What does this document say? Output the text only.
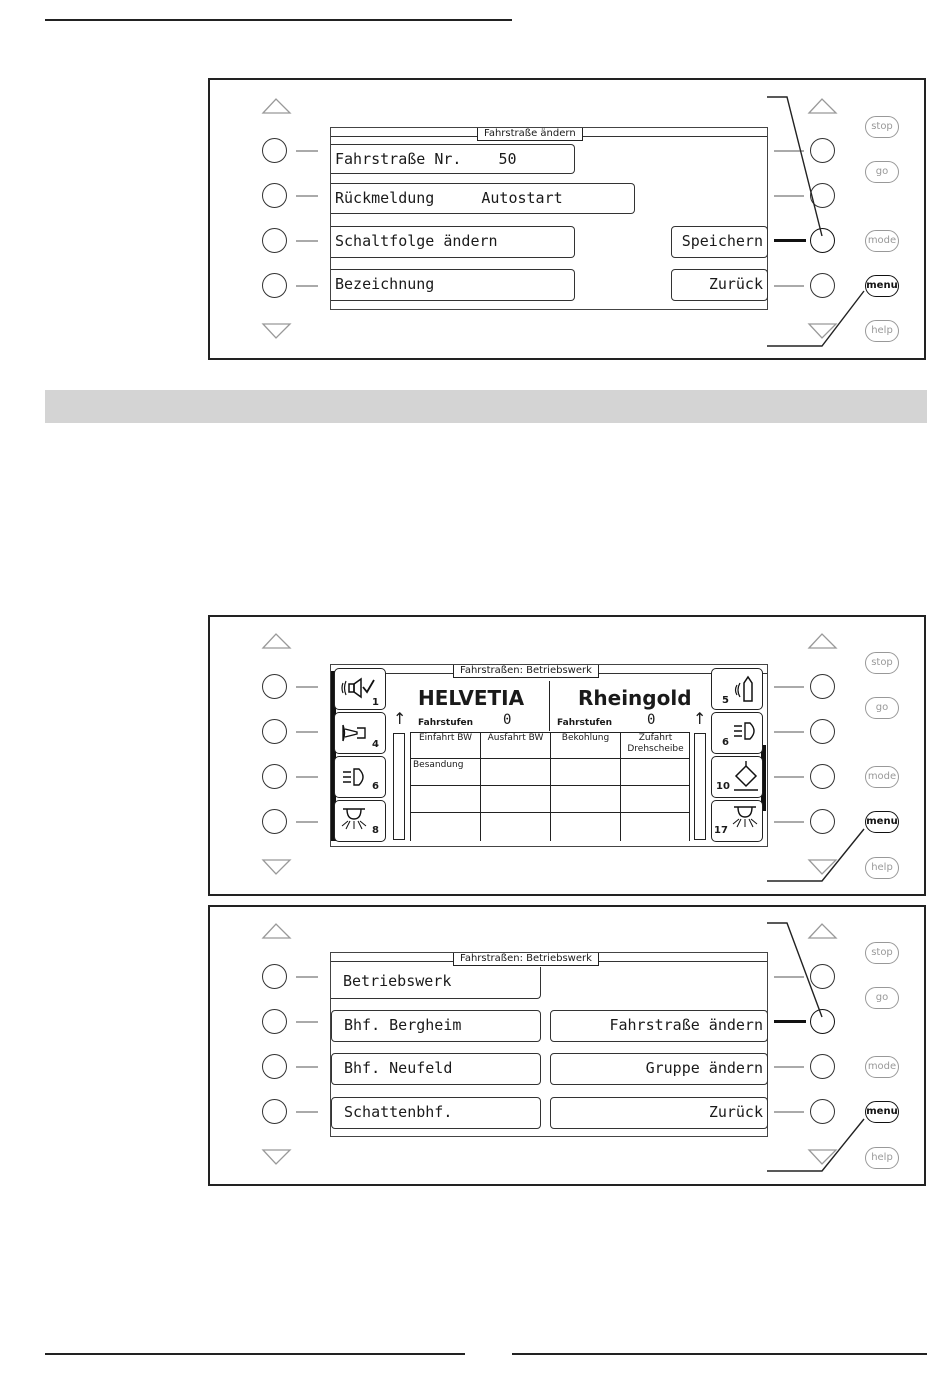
Fahrstraße ändern
Fahrstraße Nr. 50
Rückmeldung	Autostart
Schaltfolge ändern
Bezeichnung
Speichern
Zurück
stop
go
mode
menu
help
Fahrstraßen: Betriebswerk
1
4
6
8
↑	↑
HELVETIA
Fahrstufen 0
Rheingold
Fahrstufen 0
Einfahrt BW	Ausfahrt BW	Bekohlung	Zufahrt Drehscheibe
Besandung
5
6
10
17
stop
go
mode
menu
help
Fahrstraßen: Betriebswerk
Betriebswerk
Bhf. Bergheim
Bhf. Neufeld
Schattenbhf.
Fahrstraße ändern
Gruppe ändern
Zurück
stop
go
mode
menu
help
